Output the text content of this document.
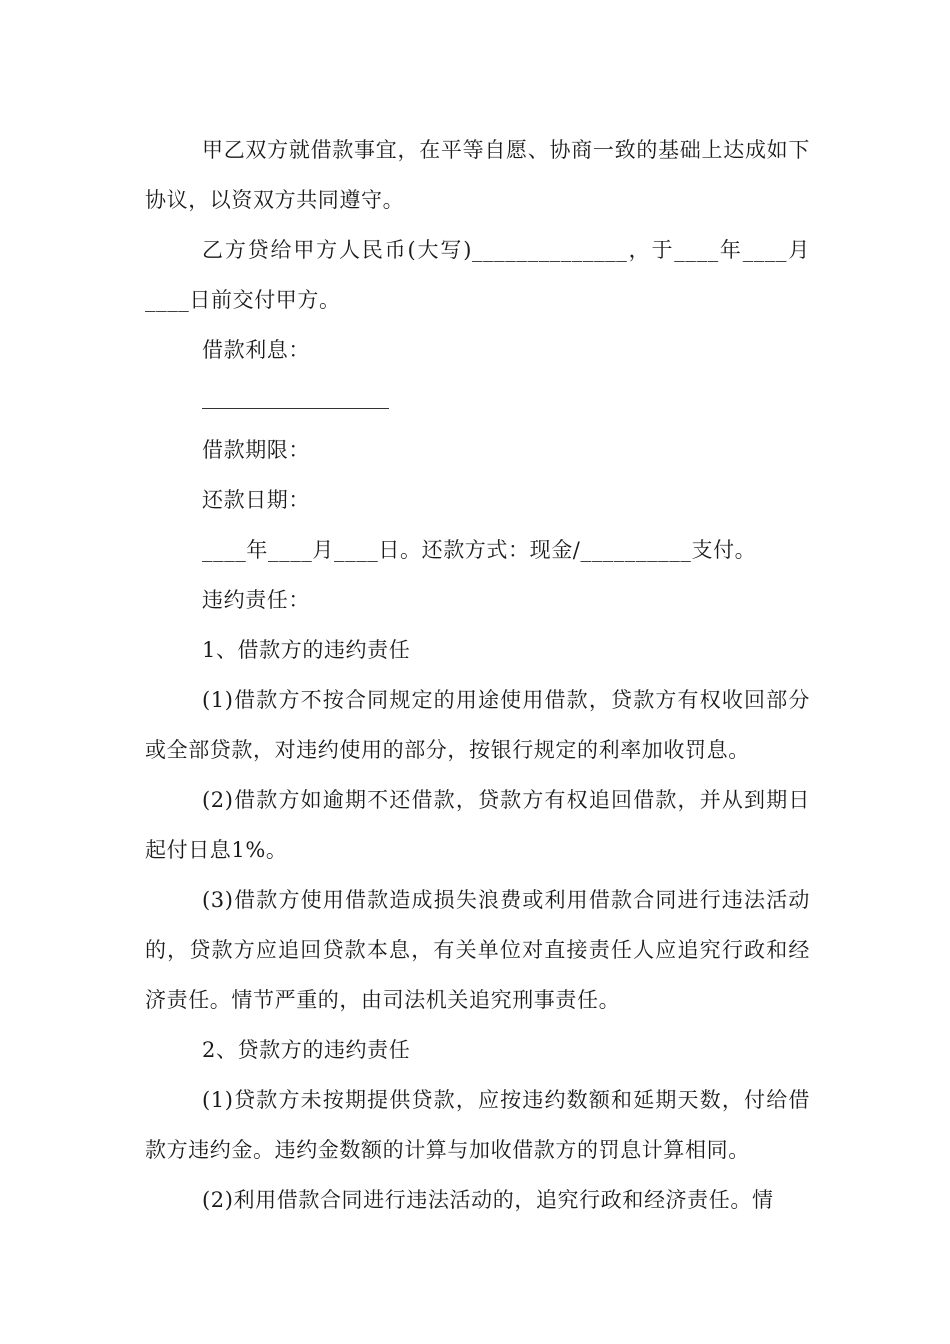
甲乙双方就借款事宜，在平等自愿、协商一致的基础上达成如下协议，以资双方共同遵守。

乙方贷给甲方人民币(大写)______________，于____年____月____日前交付甲方。

借款利息：

借款期限：

还款日期：

____年____月____日。还款方式：现金/__________支付。

违约责任：

1、借款方的违约责任

(1)借款方不按合同规定的用途使用借款，贷款方有权收回部分或全部贷款，对违约使用的部分，按银行规定的利率加收罚息。

(2)借款方如逾期不还借款，贷款方有权追回借款，并从到期日起付日息1%。

(3)借款方使用借款造成损失浪费或利用借款合同进行违法活动的，贷款方应追回贷款本息，有关单位对直接责任人应追究行政和经济责任。情节严重的，由司法机关追究刑事责任。

2、贷款方的违约责任

(1)贷款方未按期提供贷款，应按违约数额和延期天数，付给借款方违约金。违约金数额的计算与加收借款方的罚息计算相同。

(2)利用借款合同进行违法活动的，追究行政和经济责任。情
